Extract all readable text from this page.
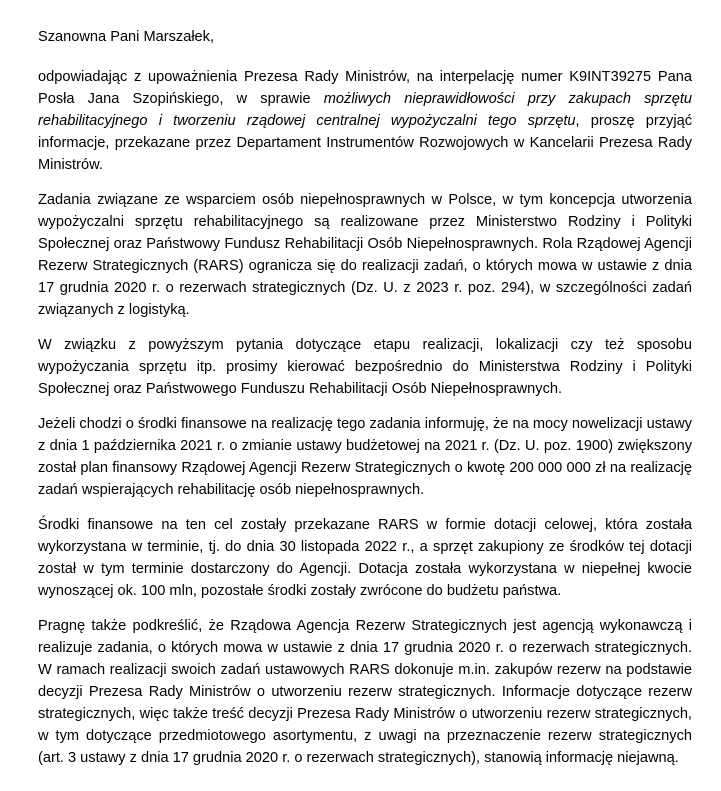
Szanowna Pani Marszałek,

odpowiadając z upoważnienia Prezesa Rady Ministrów, na interpelację numer K9INT39275 Pana Posła Jana Szopińskiego, w sprawie możliwych nieprawidłowości przy zakupach sprzętu rehabilitacyjnego i tworzeniu rządowej centralnej wypożyczalni tego sprzętu, proszę przyjąć informacje, przekazane przez Departament Instrumentów Rozwojowych w Kancelarii Prezesa Rady Ministrów.

Zadania związane ze wsparciem osób niepełnosprawnych w Polsce, w tym koncepcja utworzenia wypożyczalni sprzętu rehabilitacyjnego są realizowane przez Ministerstwo Rodziny i Polityki Społecznej oraz Państwowy Fundusz Rehabilitacji Osób Niepełnosprawnych. Rola Rządowej Agencji Rezerw Strategicznych (RARS) ogranicza się do realizacji zadań, o których mowa w ustawie z dnia 17 grudnia 2020 r. o rezerwach strategicznych (Dz. U. z 2023 r. poz. 294), w szczególności zadań związanych z logistyką.

W związku z powyższym pytania dotyczące etapu realizacji, lokalizacji czy też sposobu wypożyczania sprzętu itp. prosimy kierować bezpośrednio do Ministerstwa Rodziny i Polityki Społecznej oraz Państwowego Funduszu Rehabilitacji Osób Niepełnosprawnych.

Jeżeli chodzi o środki finansowe na realizację tego zadania informuję, że na mocy nowelizacji ustawy z dnia 1 października 2021 r. o zmianie ustawy budżetowej na 2021 r. (Dz. U. poz. 1900) zwiększony został plan finansowy Rządowej Agencji Rezerw Strategicznych o kwotę 200 000 000 zł na realizację zadań wspierających rehabilitację osób niepełnosprawnych.

Środki finansowe na ten cel zostały przekazane RARS w formie dotacji celowej, która została wykorzystana w terminie, tj. do dnia 30 listopada 2022 r., a sprzęt zakupiony ze środków tej dotacji został w tym terminie dostarczony do Agencji. Dotacja została wykorzystana w niepełnej kwocie wynoszącej ok. 100 mln, pozostałe środki zostały zwrócone do budżetu państwa.

Pragnę także podkreślić, że Rządowa Agencja Rezerw Strategicznych jest agencją wykonawczą i realizuje zadania, o których mowa w ustawie z dnia 17 grudnia 2020 r. o rezerwach strategicznych. W ramach realizacji swoich zadań ustawowych RARS dokonuje m.in. zakupów rezerw na podstawie decyzji Prezesa Rady Ministrów o utworzeniu rezerw strategicznych. Informacje dotyczące rezerw strategicznych, więc także treść decyzji Prezesa Rady Ministrów o utworzeniu rezerw strategicznych, w tym dotyczące przedmiotowego asortymentu, z uwagi na przeznaczenie rezerw strategicznych (art. 3 ustawy z dnia 17 grudnia 2020 r. o rezerwach strategicznych), stanowią informację niejawną.
